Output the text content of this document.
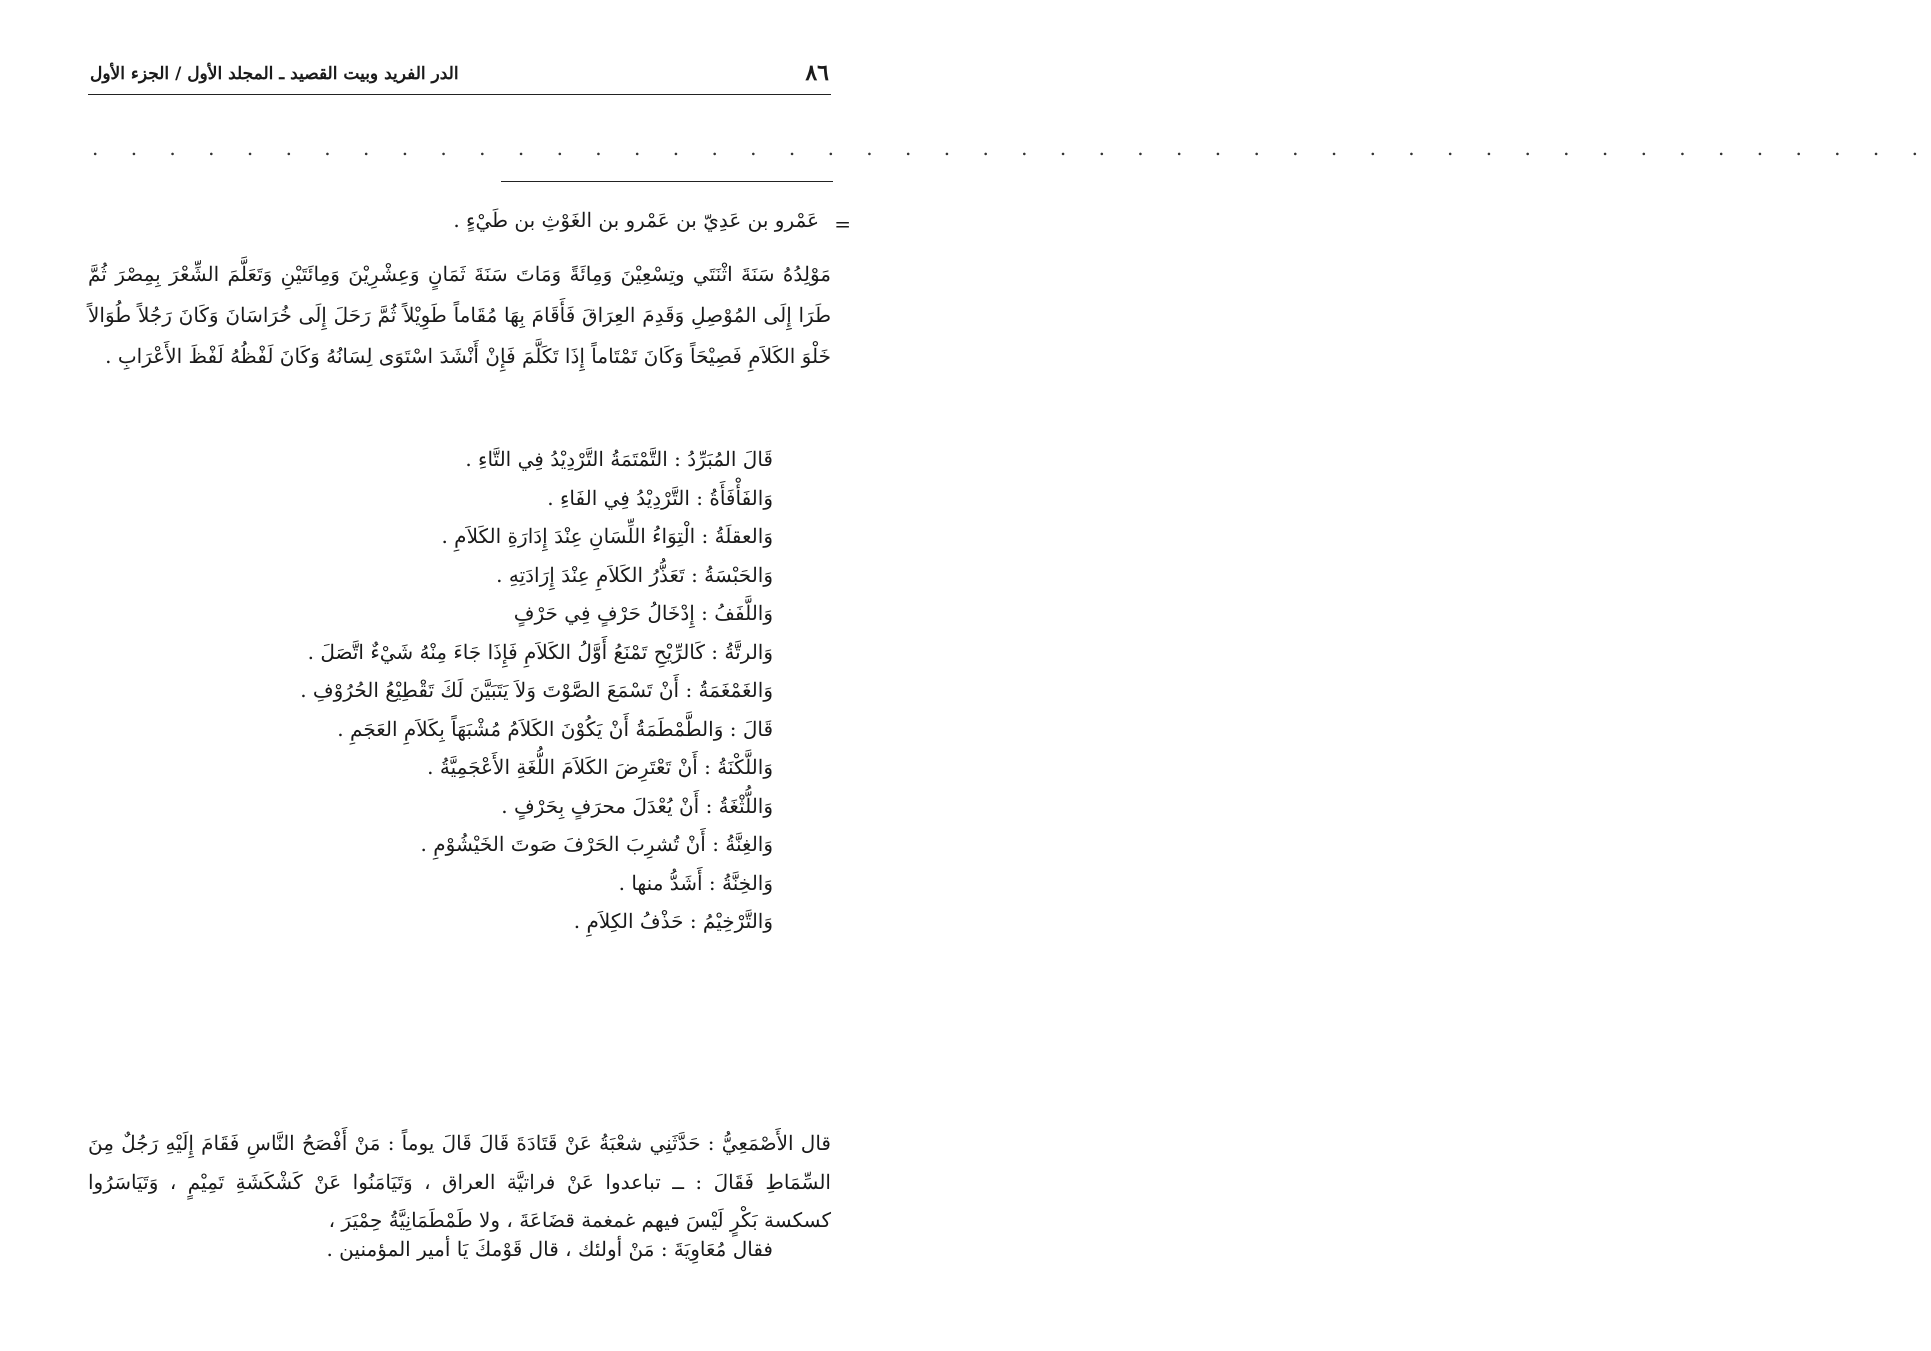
٨٦
الدر الفريد وبيت القصيد ـ المجلد الأول / الجزء الأول
. . . . . . . . . . . . . . . . . . . . . . . . . . . . . . . . . . . . . . . . . . . . . . . .
=
عَمْرو بن عَدِيّ بن عَمْرو بن الغَوْثِ بن طَيْءٍ .

مَوْلِدُهُ سَنَةَ اثْنَتَي وتِسْعِيْنَ وَمِائَةً وَمَاتَ سَنَةَ ثَمَانٍ وَعِشْرِيْنَ وَمِائَتَيْنِ وَتَعَلَّمَ الشِّعْرَ بِمِصْرَ ثُمَّ طَرَا إِلَى المُوْصِلِ وَقَدِمَ العِرَاقَ فَأَقَامَ بِهَا مُقَاماً طَوِيْلاً ثُمَّ رَحَلَ إِلَى خُرَاسَانَ وَكَانَ رَجُلاً طُوَالاً خَلْوَ الكَلاَمِ فَصِيْحَاً وَكَانَ تَمْتَاماً إِذَا تَكَلَّمَ فَإِنْ أَنْشَدَ اسْتَوَى لِسَانُهُ وَكَانَ لَفْظُهُ لَفْظَ الأَعْرَابِ .

قَالَ المُبَرِّدُ : التَّمْتَمَةُ التَّرْدِيْدُ فِي التَّاءِ .
وَالفَأْفَأَةُ : التَّرْدِيْدُ فِي الفَاءِ .
وَالعقلَةُ : الْتِوَاءُ اللِّسَانِ عِنْدَ إِدَارَةِ الكَلاَمِ .
وَالحَبْسَةُ : تَعَذُّرُ الكَلاَمِ عِنْدَ إِرَادَتِهِ .
وَاللَّفَفُ : إِدْخَالُ حَرْفٍ فِي حَرْفٍ
وَالرتَّةُ : كَالرِّيْحِ تَمْنَعُ أَوَّلُ الكَلاَمِ فَإِذَا جَاءَ مِنْهُ شَيْءٌ اتَّصَلَ .
وَالغَمْغَمَةُ : أَنْ تَسْمَعَ الصَّوْتَ وَلاَ يَتَبَيَّنَ لَكَ تَقْطِيْعُ الحُرُوْفِ .
قَالَ : وَالطَّمْطَمَةُ أَنْ يَكُوْنَ الكَلاَمُ مُشْبَهَاً بِكَلاَمِ العَجَمِ .
وَاللَّكْنَةُ : أَنْ تَعْتَرِضَ الكَلاَمَ اللُّغَةِ الأَعْجَمِيَّةُ .
وَاللُّثْغَةُ : أَنْ يُعْدَلَ محرَفٍ بِحَرْفٍ .
وَالغِنَّةُ : أَنْ تُشرِبَ الحَرْفَ صَوتَ الخَيْشُوْمِ .
وَالخِنَّةُ : أَشَدُّ منها .
وَالتَّرْخِيْمُ : حَذْفُ الكِلاَمِ .

قال الأَصْمَعِيُّ : حَدَّثَنِي شعْبَةُ عَنْ قَتَادَةَ قَالَ قَالَ يوماً : مَنْ أَفْصَحُ النَّاسِ فَقَامَ إِلَيْهِ رَجُلٌ مِنَ السِّمَاطِ فَقَالَ : ــ تباعدوا عَنْ فراتيَّة العراق ، وَتَيَامَنُوا عَنْ كَشْكَشَةِ تَمِيْمٍ ، وَتَيَاسَرُوا كسكسة بَكْرٍ لَيْسَ فيهم غمغمة قضَاعَةَ ، ولا طَمْطَمَانِيَّةُ حِمْيَرَ ،

فقال مُعَاوِيَةَ : مَنْ أولئك ، قال قَوْمكَ يَا أمير المؤمنين .
